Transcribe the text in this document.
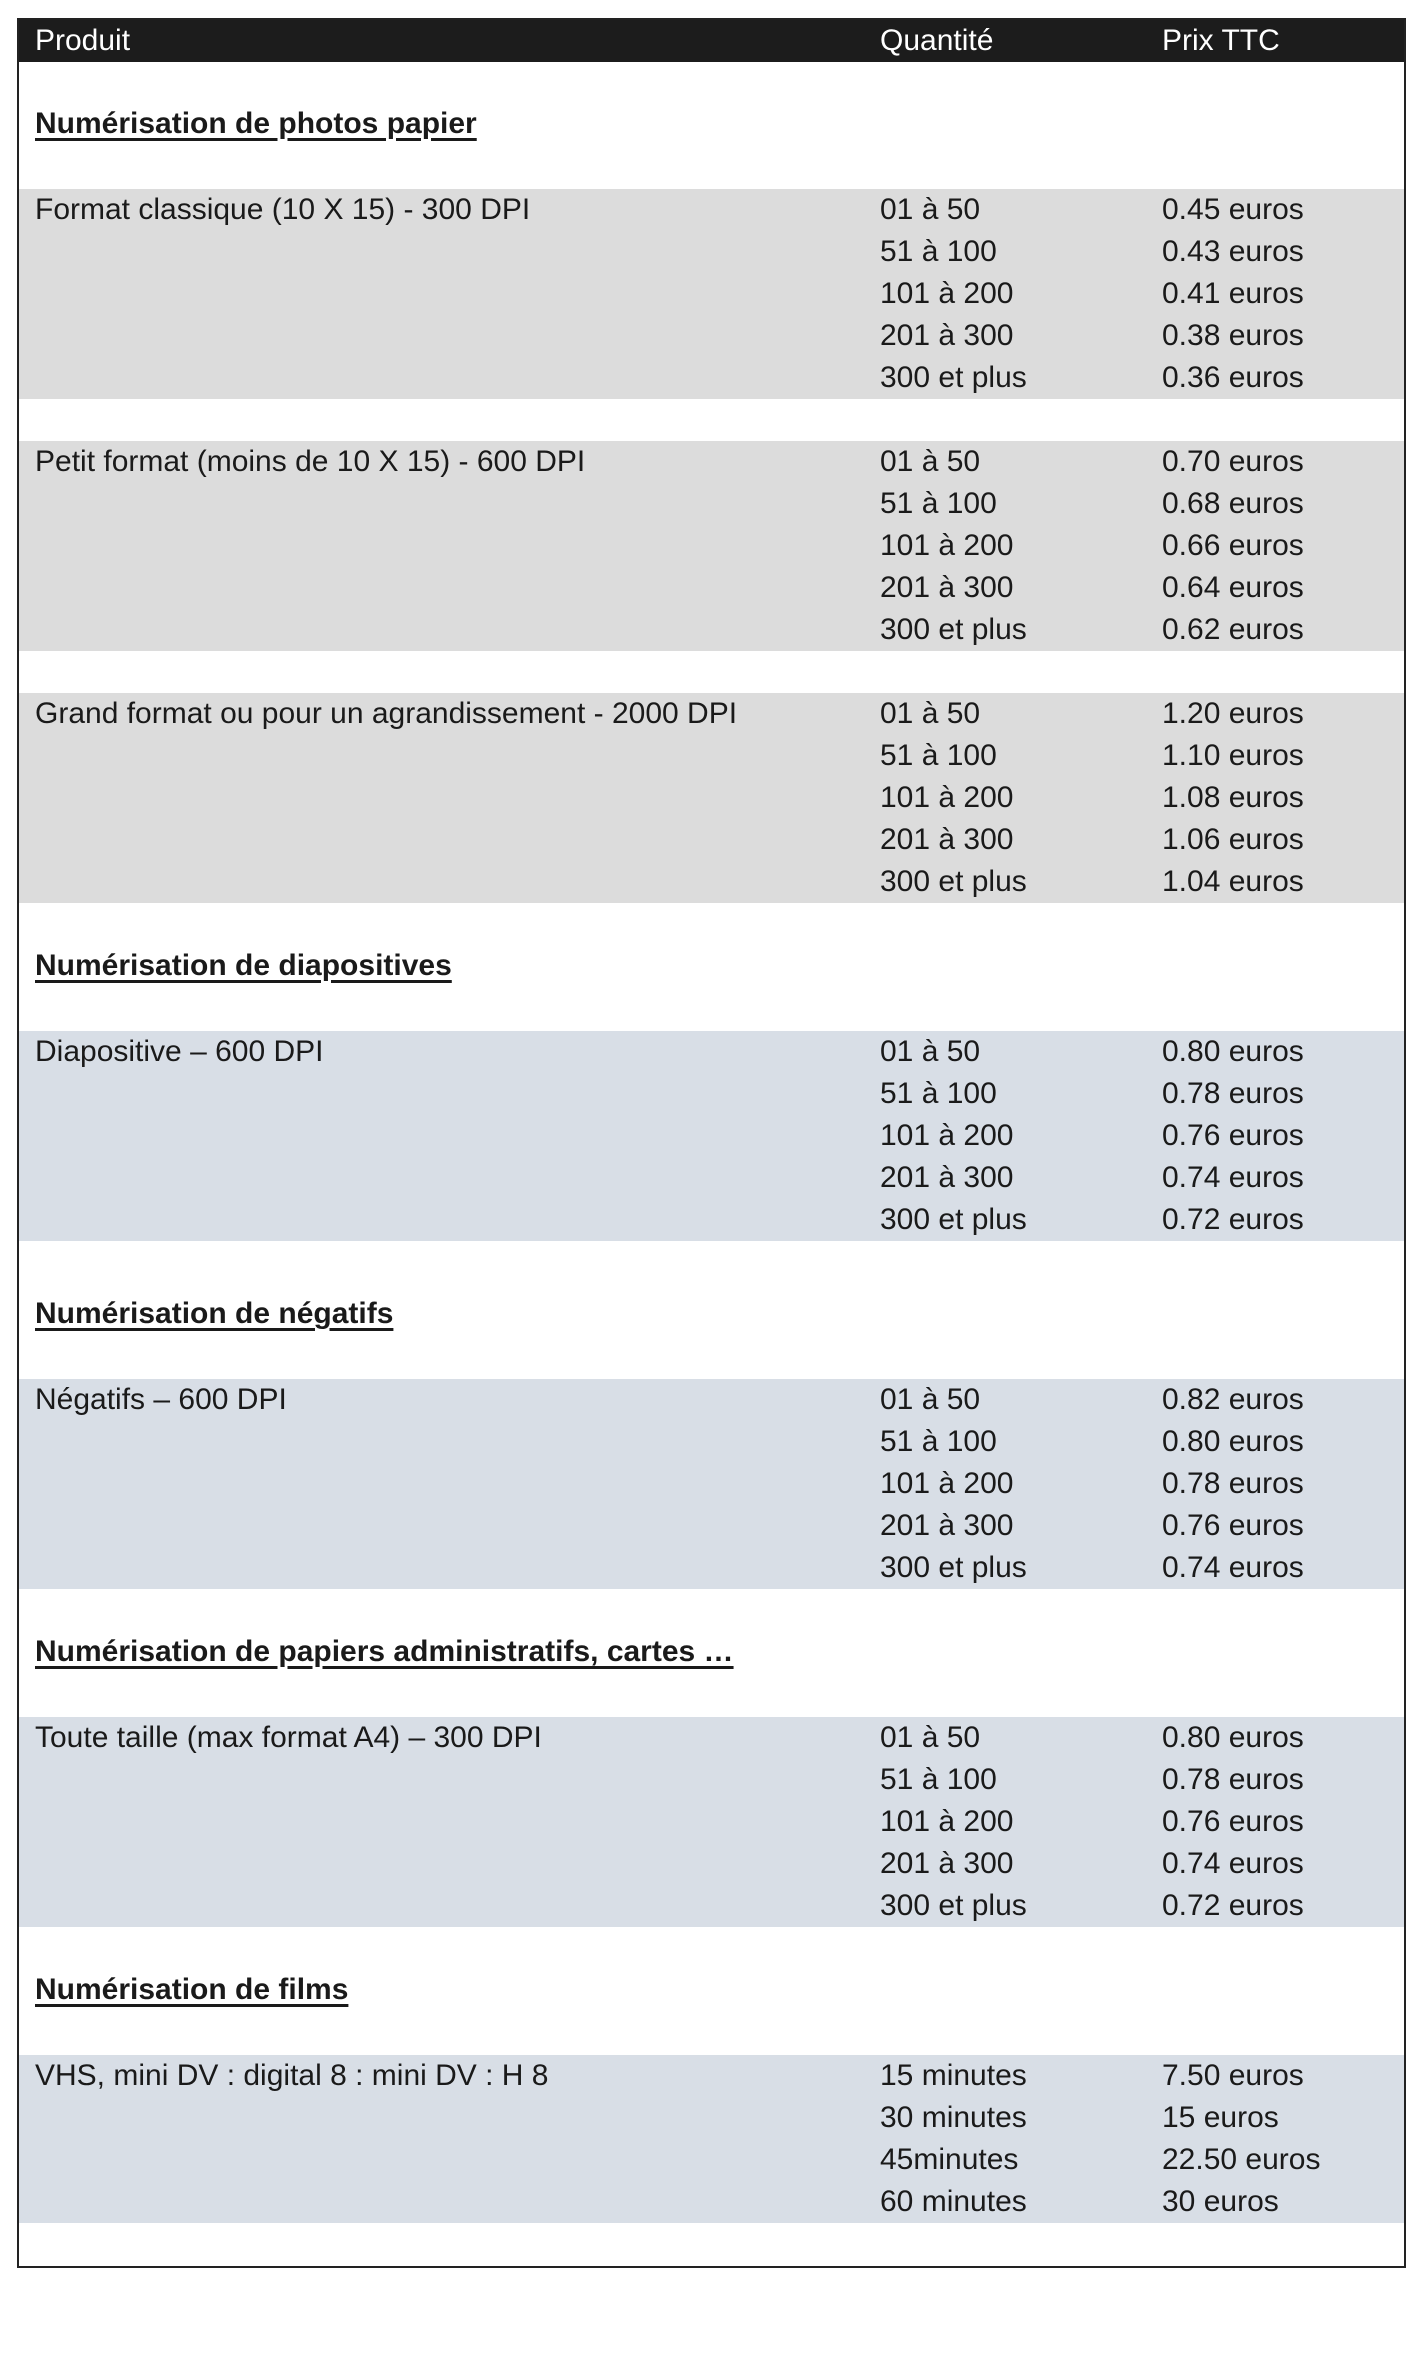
Produit	Quantité	Prix TTC
Numérisation de photos papier
Format classique (10 X 15) - 300 DPI	01 à 50	0.45 euros
51 à 100	0.43 euros
101 à 200	0.41 euros
201 à 300	0.38 euros
300 et plus	0.36 euros
Petit format (moins de 10 X 15) - 600 DPI	01 à 50	0.70 euros
51 à 100	0.68 euros
101 à 200	0.66 euros
201 à 300	0.64 euros
300 et plus	0.62 euros
Grand format ou pour un agrandissement - 2000 DPI	01 à 50	1.20 euros
51 à 100	1.10 euros
101 à 200	1.08 euros
201 à 300	1.06 euros
300 et plus	1.04 euros
Numérisation de diapositives
Diapositive – 600 DPI	01 à 50	0.80 euros
51 à 100	0.78 euros
101 à 200	0.76 euros
201 à 300	0.74 euros
300 et plus	0.72 euros
Numérisation de négatifs
Négatifs – 600 DPI	01 à 50	0.82 euros
51 à 100	0.80 euros
101 à 200	0.78 euros
201 à 300	0.76 euros
300 et plus	0.74 euros
Numérisation de papiers administratifs, cartes …
Toute taille (max format A4) – 300 DPI	01 à 50	0.80 euros
51 à 100	0.78 euros
101 à 200	0.76 euros
201 à 300	0.74 euros
300 et plus	0.72 euros
Numérisation de films
VHS, mini DV : digital 8 : mini DV : H 8	15 minutes	7.50 euros
30 minutes	15 euros
45minutes	22.50 euros
60 minutes	30 euros
